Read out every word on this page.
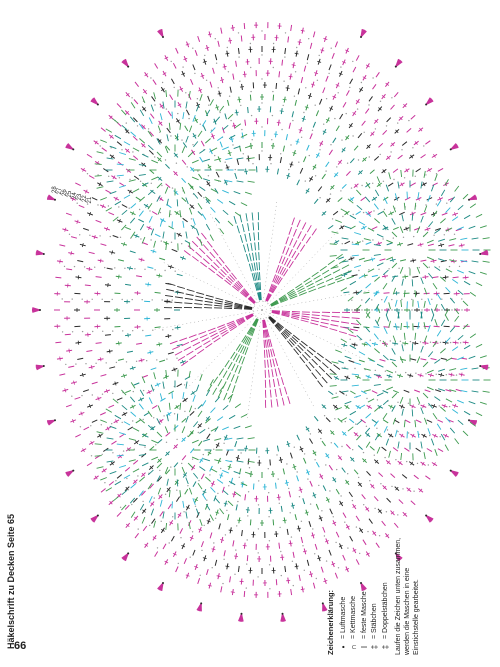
28 27 26 25 24 23 22 21
Häkelschrift zu Decken Seite 65	Zeichenerklärung: •
= Luftmasche
∩
= Kettmasche
I
= feste Masche
‡
= Stäbchen
‡
= Doppelstäbchen Laufen die Zeichen unten zusammen, werden die Maschen in eine Einstichstelle gearbeitet.
66
